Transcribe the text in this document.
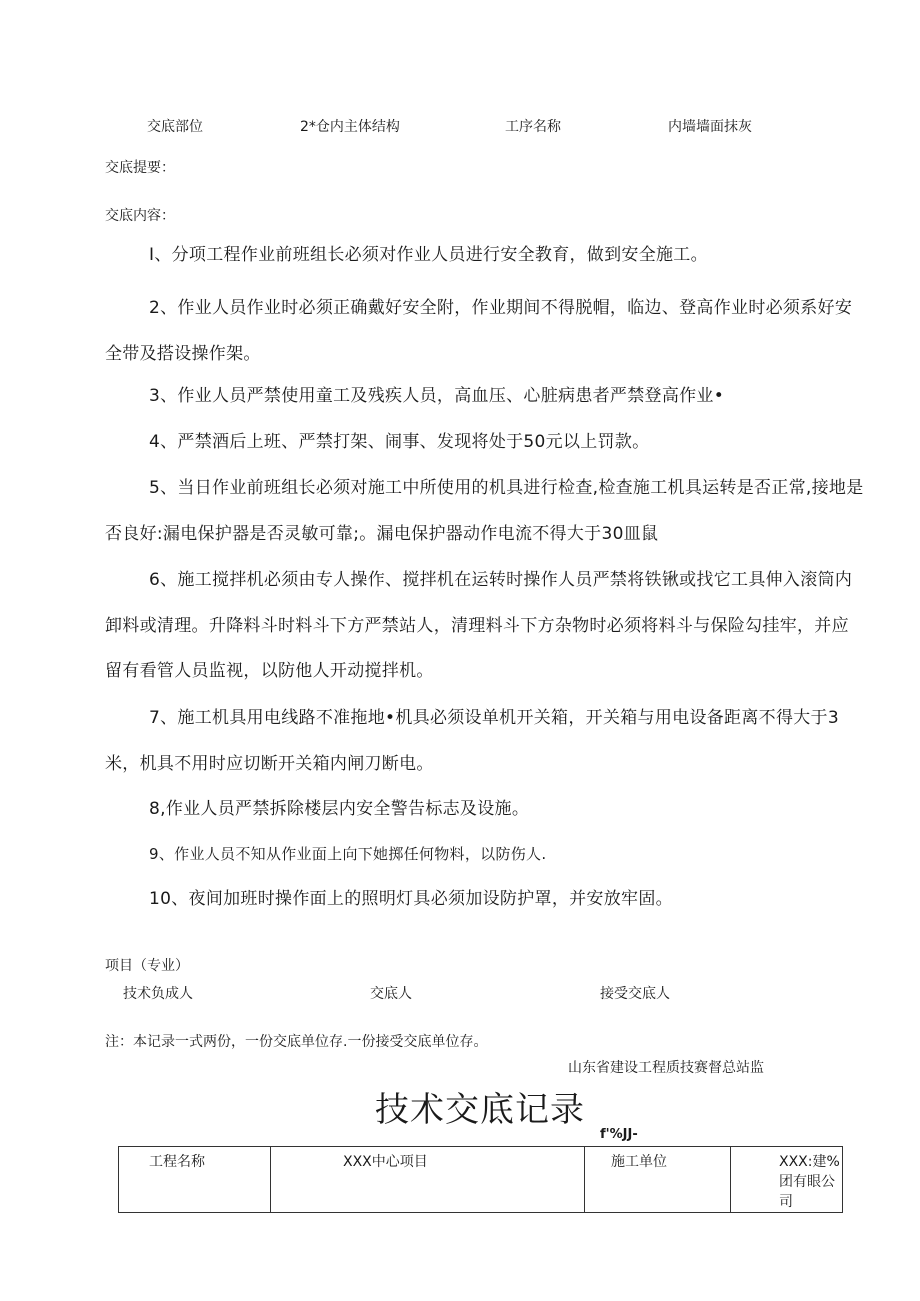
交底部位	2*仓内主体结构	工序名称	内墙墙面抹灰
交底提要：
交底内容：
I、分项工程作业前班组长必须对作业人员进行安全教育，做到安全施工。
2、作业人员作业时必须正确戴好安全附，作业期间不得脱帽，临边、登高作业时必须系好安全带及搭设操作架。
3、作业人员严禁使用童工及残疾人员，高血压、心脏病患者严禁登高作业•
4、严禁酒后上班、严禁打架、闹事、发现将处于50元以上罚款。
5、当日作业前班组长必须对施工中所使用的机具进行检查,检查施工机具运转是否正常,接地是否良好:漏电保护器是否灵敏可靠;。漏电保护器动作电流不得大于30皿鼠
6、施工搅拌机必须由专人操作、搅拌机在运转时操作人员严禁将铁锹或找它工具伸入滚筒内卸料或清理。升降料斗时料斗下方严禁站人，清理料斗下方杂物时必须将料斗与保险勾挂牢，并应留有看管人员监视，以防他人开动搅拌机。
7、施工机具用电线路不准拖地•机具必须设单机开关箱，开关箱与用电设备距离不得大于3米，机具不用时应切断开关箱内闸刀断电。
8,作业人员严禁拆除楼层内安全警告标志及设施。
9、作业人员不知从作业面上向下她掷任何物料，以防伤人.
10、夜间加班时操作面上的照明灯具必须加设防护罩，并安放牢固。
项目（专业）
技术负成人	交底人	接受交底人
注：本记录一式两份，一份交底单位存.一份接受交底单位存。
山东省建设工程质技赛督总站监
技术交底记录
f'%JJ-
工程名称	XXX中心项目	施工单位	XXX:建%团有眼公司
